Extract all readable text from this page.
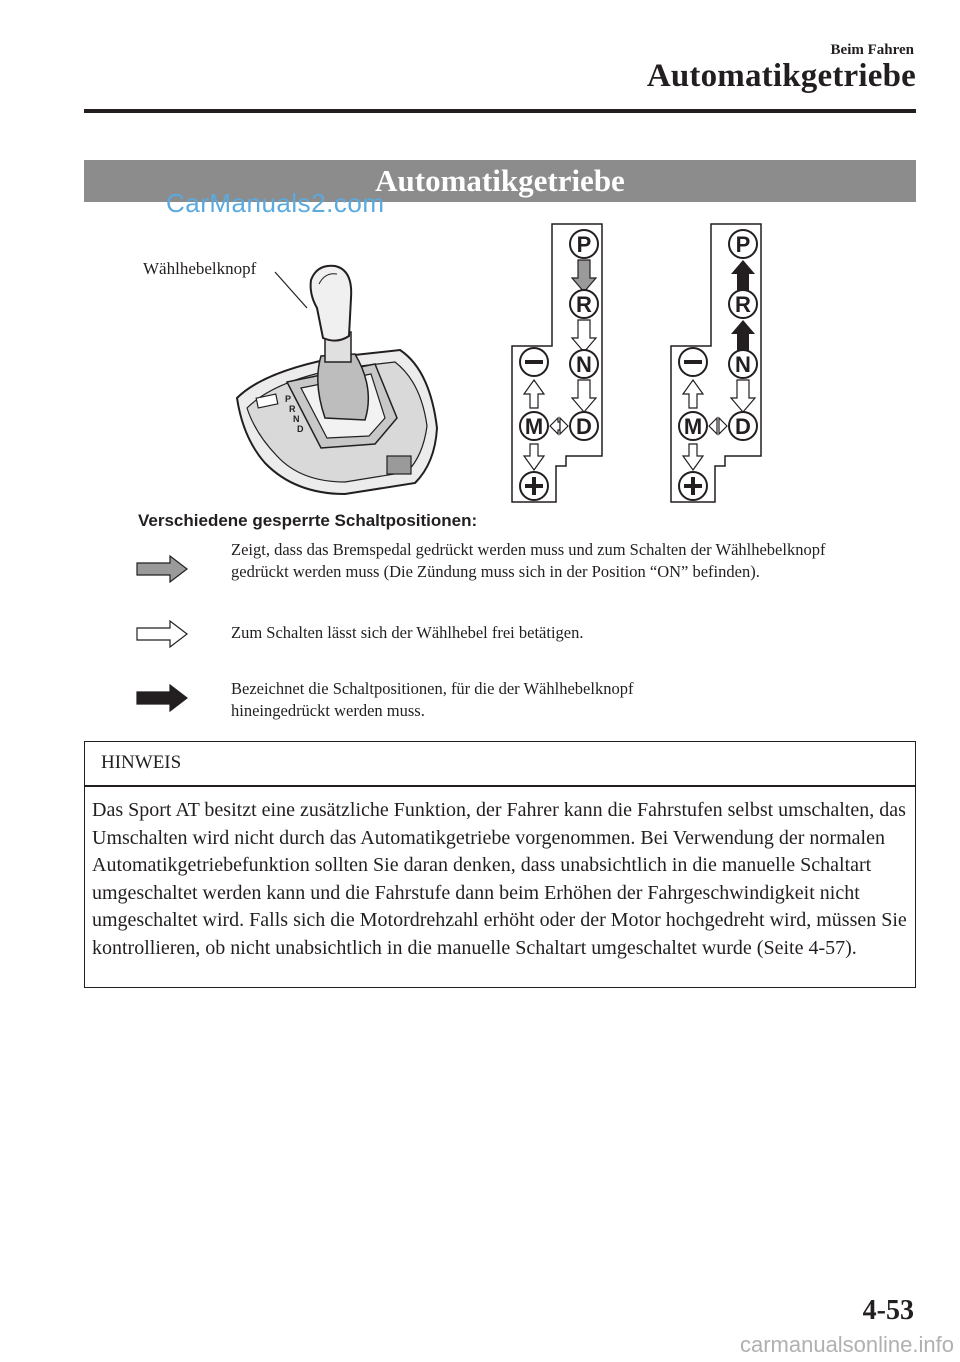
Beim Fahren
Automatikgetriebe
Automatikgetriebe
CarManuals2.com
Wählhebelknopf
P
R
N
D
P
R
N
D
M
P
R
N
D
M
Verschiedene gesperrte Schaltpositionen:
Zeigt, dass das Bremspedal gedrückt werden muss und zum Schalten der Wählhebelknopf gedrückt werden muss (Die Zündung muss sich in der Position “ON” befinden).
Zum Schalten lässt sich der Wählhebel frei betätigen.
Bezeichnet die Schaltpositionen, für die der Wählhebelknopf hineingedrückt werden muss.
HINWEIS
Das Sport AT besitzt eine zusätzliche Funktion, der Fahrer kann die Fahrstufen selbst umschalten, das Umschalten wird nicht durch das Automatikgetriebe vorgenommen. Bei Verwendung der normalen Automatikgetriebefunktion sollten Sie daran denken, dass unabsichtlich in die manuelle Schaltart umgeschaltet werden kann und die Fahrstufe dann beim Erhöhen der Fahrgeschwindigkeit nicht umgeschaltet wird. Falls sich die Motordrehzahl erhöht oder der Motor hochgedreht wird, müssen Sie kontrollieren, ob nicht unabsichtlich in die manuelle Schaltart umgeschaltet wurde (Seite 4-57).
4-53
carmanualsonline.info
